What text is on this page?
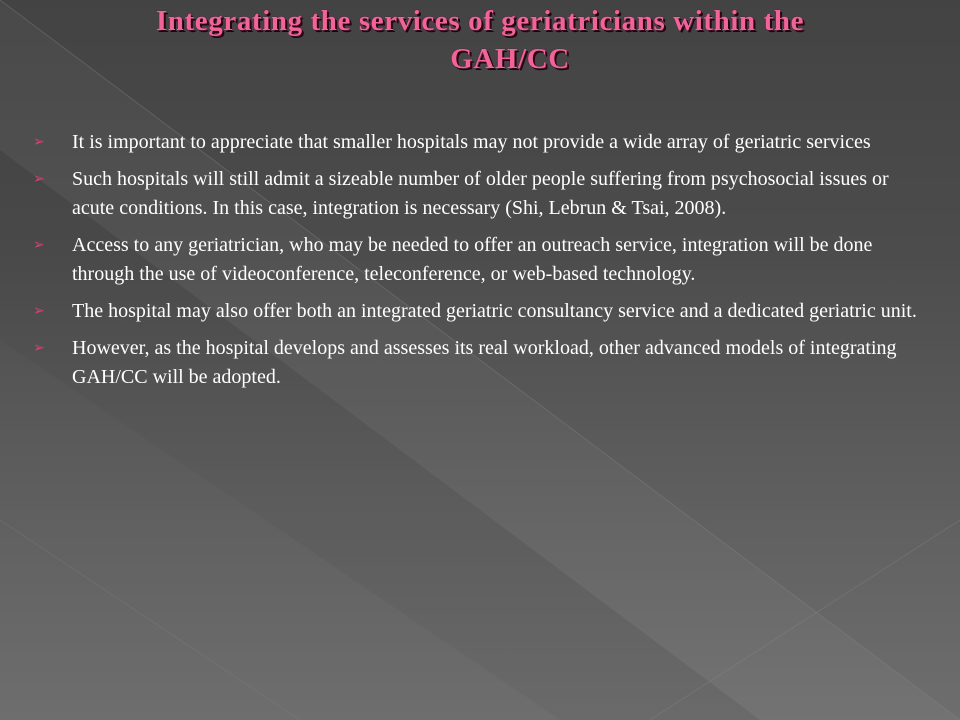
Integrating the services of geriatricians within the
GAH/CC
➢ It is important to appreciate that smaller hospitals may not provide a wide array of geriatric services
➢ Such hospitals will still admit a sizeable number of older people suffering from psychosocial issues or acute conditions. In this case, integration is necessary (Shi, Lebrun & Tsai, 2008).
➢ Access to any geriatrician, who may be needed to offer an outreach service, integration will be done through the use of videoconference, teleconference, or web-based technology.
➢ The hospital may also offer both an integrated geriatric consultancy service and a dedicated geriatric unit.
➢ However, as the hospital develops and assesses its real workload, other advanced models of integrating GAH/CC will be adopted.
